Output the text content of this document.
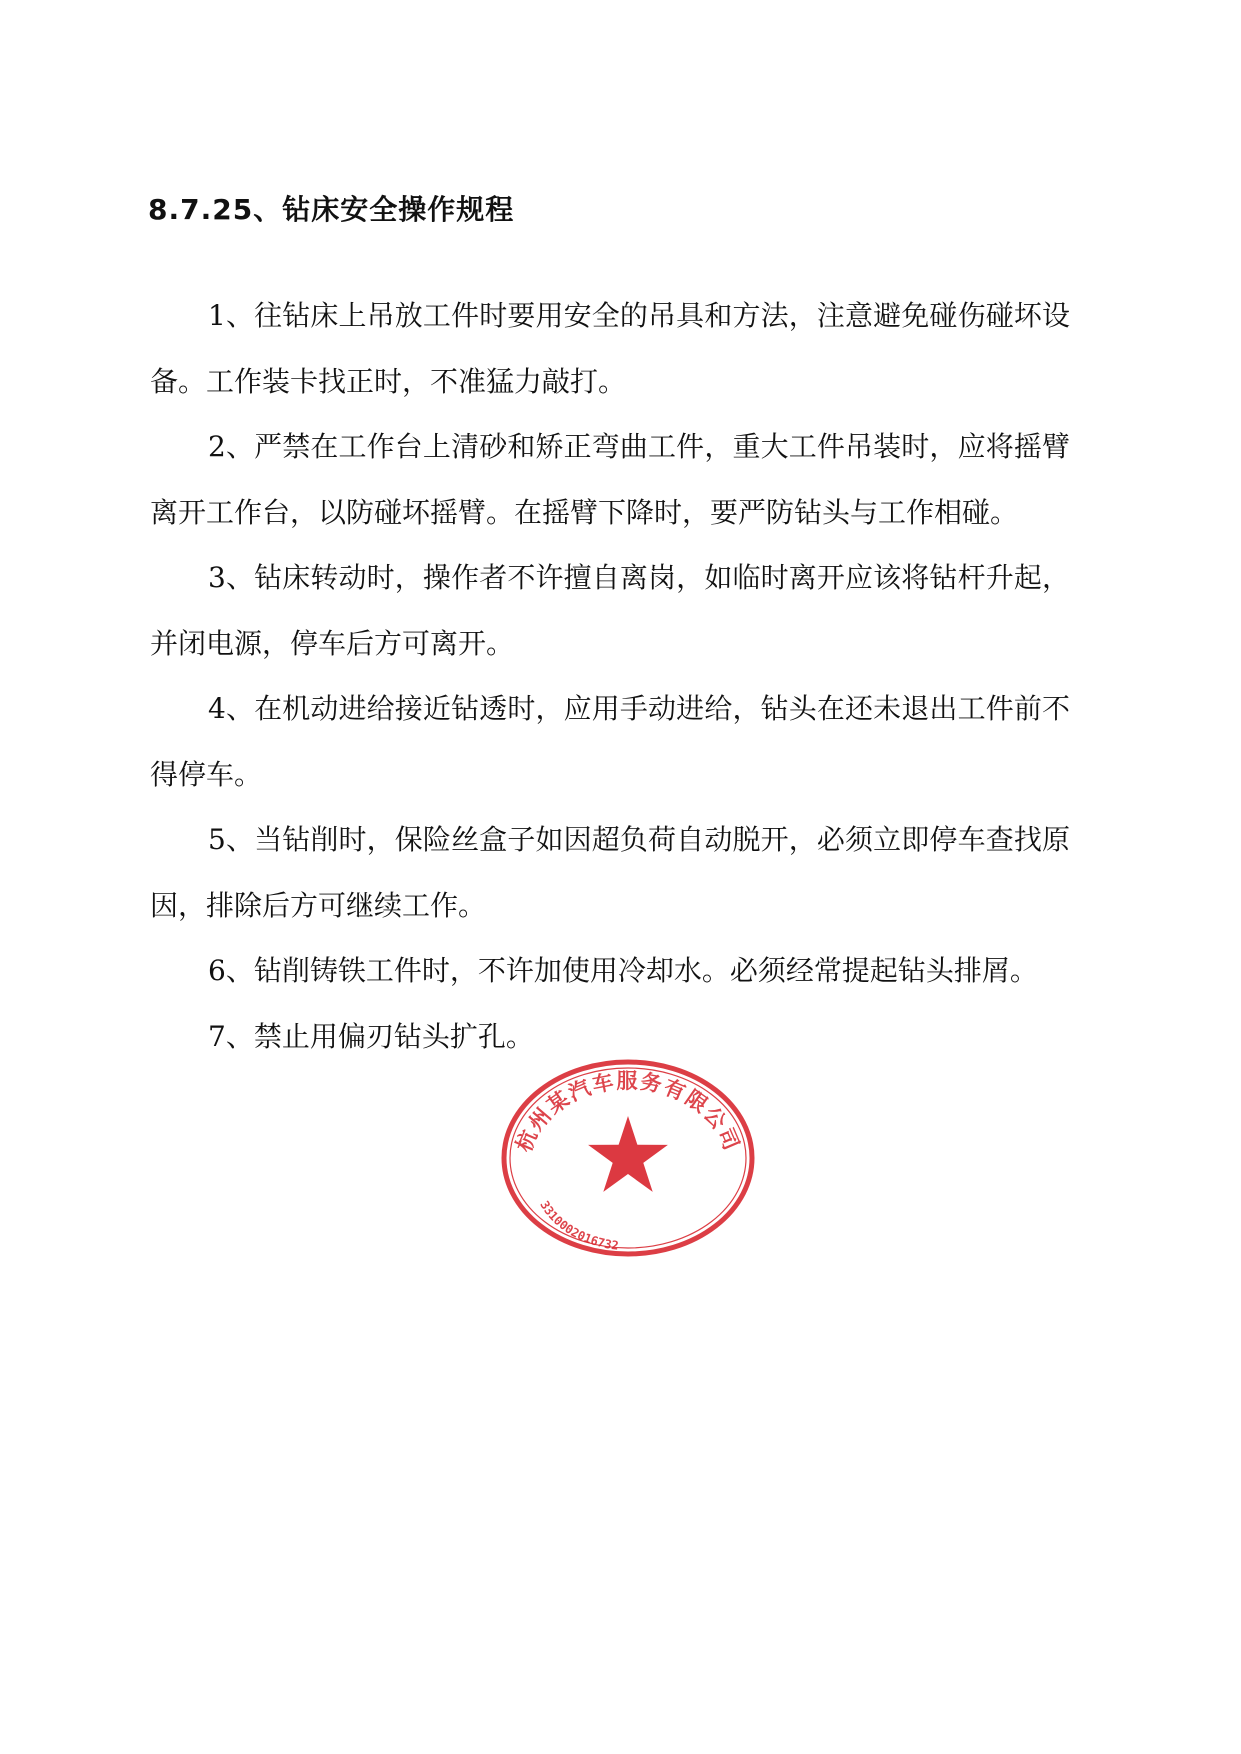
8.7.25、钻床安全操作规程

1、往钻床上吊放工件时要用安全的吊具和方法，注意避免碰伤碰坏设备。工作装卡找正时，不准猛力敲打。

2、严禁在工作台上清砂和矫正弯曲工件，重大工件吊装时，应将摇臂离开工作台，以防碰坏摇臂。在摇臂下降时，要严防钻头与工作相碰。

3、钻床转动时，操作者不许擅自离岗，如临时离开应该将钻杆升起，并闭电源，停车后方可离开。

4、在机动进给接近钻透时，应用手动进给，钻头在还未退出工件前不得停车。

5、当钻削时，保险丝盒子如因超负荷自动脱开，必须立即停车查找原因，排除后方可继续工作。

6、钻削铸铁工件时，不许加使用冷却水。必须经常提起钻头排屑。

7、禁止用偏刃钻头扩孔。

杭州某汽车服务有限公司
3310002016732
